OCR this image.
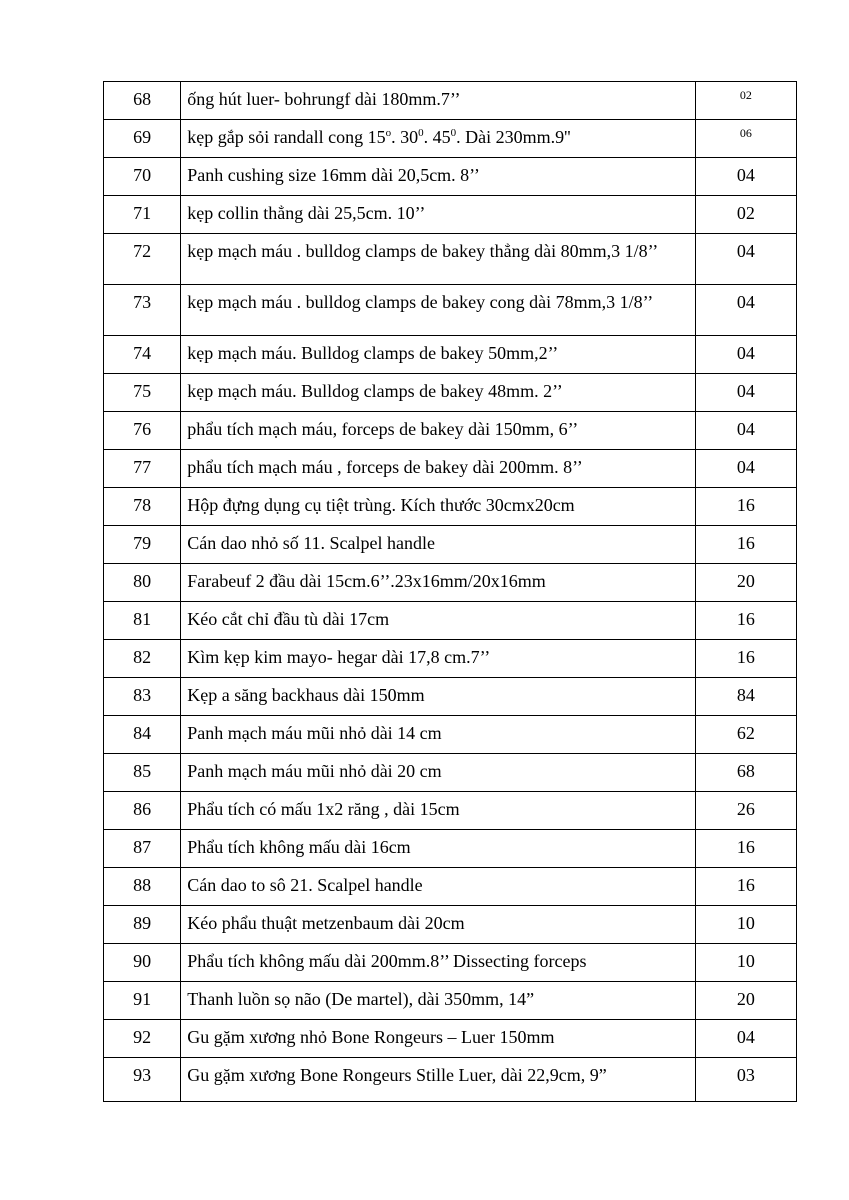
68	ống hút luer- bohrungf dài 180mm.7’’	02
69	kẹp gắp sỏi randall cong 15$^o$. $30^0$. $45^0$. Dài 230mm.9''	06
70	Panh cushing size 16mm dài 20,5cm. 8’’	04
71	kẹp collin thẳng dài 25,5cm. 10’’	02
72	kẹp mạch máu . bulldog clamps de bakey thẳng dài 80mm,3 1/8’’	04
73	kẹp mạch máu . bulldog clamps de bakey cong dài 78mm,3 1/8’’	04
74	kẹp mạch máu. Bulldog clamps de bakey 50mm,2’’	04
75	kẹp mạch máu. Bulldog clamps de bakey 48mm. 2’’	04
76	phẩu tích mạch máu, forceps de bakey dài 150mm, 6’’	04
77	phẩu tích mạch máu , forceps de bakey dài 200mm. 8’’	04
78	Hộp đựng dụng cụ tiệt trùng. Kích thước 30cmx20cm	16
79	Cán dao nhỏ số 11. Scalpel handle	16
80	Farabeuf 2 đầu dài 15cm.6’’.23x16mm/20x16mm	20
81	Kéo cắt chỉ đầu tù dài 17cm	16
82	Kìm kẹp kim mayo- hegar dài 17,8 cm.7’’	16
83	Kẹp a săng backhaus dài 150mm	84
84	Panh mạch máu mũi nhỏ dài 14 cm	62
85	Panh mạch máu mũi nhỏ dài 20 cm	68
86	Phẩu tích có mấu 1x2 răng , dài 15cm	26
87	Phẩu tích không mấu dài 16cm	16
88	Cán dao to sô 21. Scalpel handle	16
89	Kéo phẩu thuật metzenbaum dài 20cm	10
90	Phẩu tích không mấu dài 200mm.8’’ Dissecting forceps	10
91	Thanh luồn sọ não (De martel), dài 350mm, 14”	20
92	Gu gặm xương nhỏ Bone Rongeurs – Luer 150mm	04
93	Gu gặm xương Bone Rongeurs Stille Luer, dài 22,9cm, 9”	03
